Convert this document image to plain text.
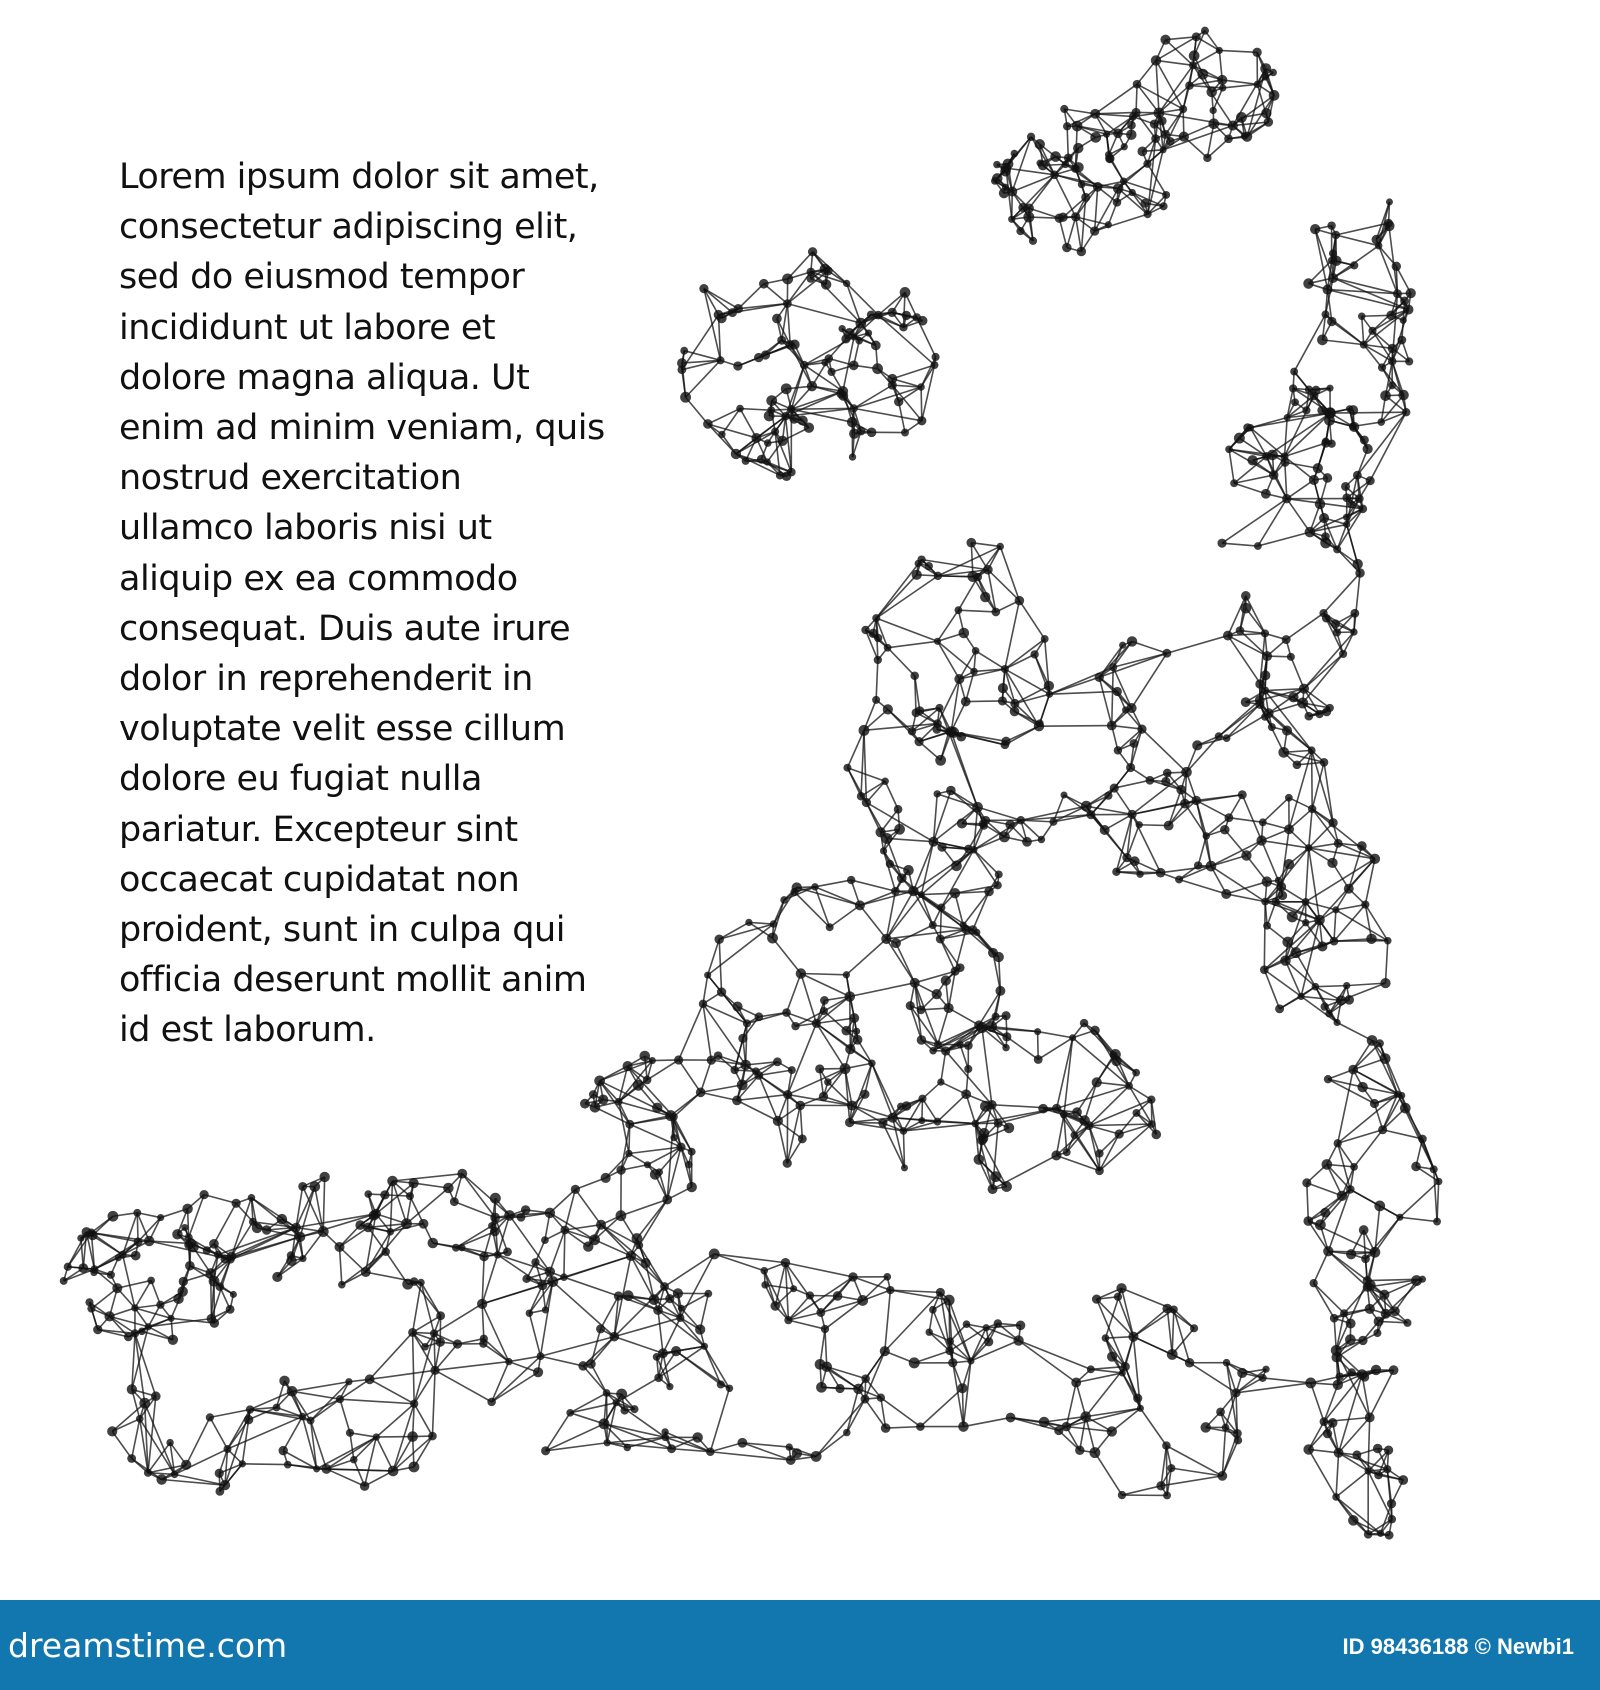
Lorem ipsum dolor sit amet,
consectetur adipiscing elit,
sed do eiusmod tempor
incididunt ut labore et
dolore magna aliqua. Ut
enim ad minim veniam, quis
nostrud exercitation
ullamco laboris nisi ut
aliquip ex ea commodo
consequat. Duis aute irure
dolor in reprehenderit in
voluptate velit esse cillum
dolore eu fugiat nulla
pariatur. Excepteur sint
occaecat cupidatat non
proident, sunt in culpa qui
officia deserunt mollit anim
id est laborum.
dreamstime.com	ID 98436188 © Newbi1
